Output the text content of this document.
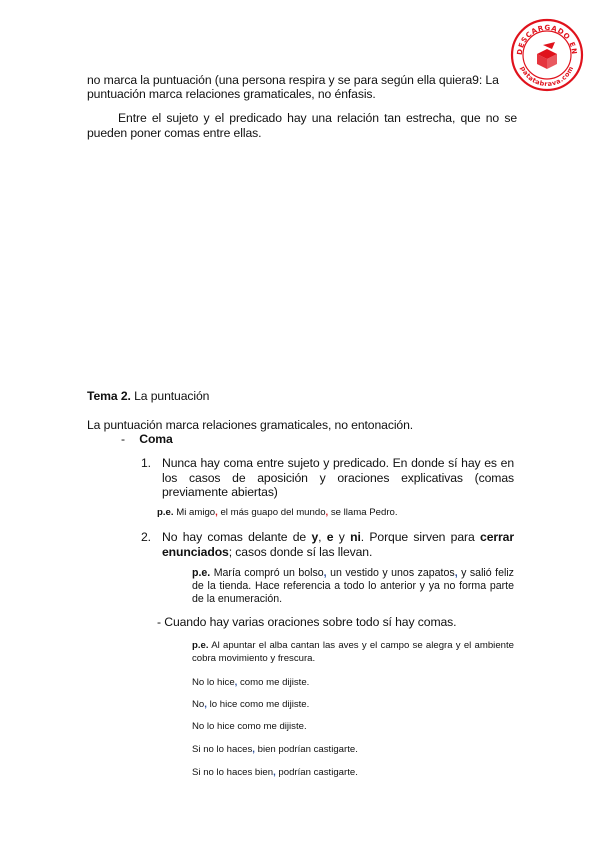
DESCARGADO EN
patatabrava.com
no marca la puntuación (una persona respira y se para según ella quiera9: La
puntuación marca relaciones gramaticales, no énfasis.
Entre el sujeto y el predicado hay una relación tan estrecha, que no se pueden poner comas entre ellas.
Tema 2. La puntuación
La puntuación marca relaciones gramaticales, no entonación.
- Coma
1. Nunca hay coma entre sujeto y predicado. En donde sí hay es en los casos de aposición y oraciones explicativas (comas previamente abiertas)
p.e. Mi amigo, el más guapo del mundo, se llama Pedro.
2. No hay comas delante de y, e y ni. Porque sirven para cerrar enunciados; casos donde sí las llevan.
p.e. María compró un bolso, un vestido y unos zapatos, y salió feliz de la tienda. Hace referencia a todo lo anterior y ya no forma parte de la enumeración.
- Cuando hay varias oraciones sobre todo sí hay comas.
p.e. Al apuntar el alba cantan las aves y el campo se alegra y el ambiente cobra movimiento y frescura.
No lo hice, como me dijiste.
No, lo hice como me dijiste.
No lo hice como me dijiste.
Si no lo haces, bien podrían castigarte.
Si no lo haces bien, podrían castigarte.
